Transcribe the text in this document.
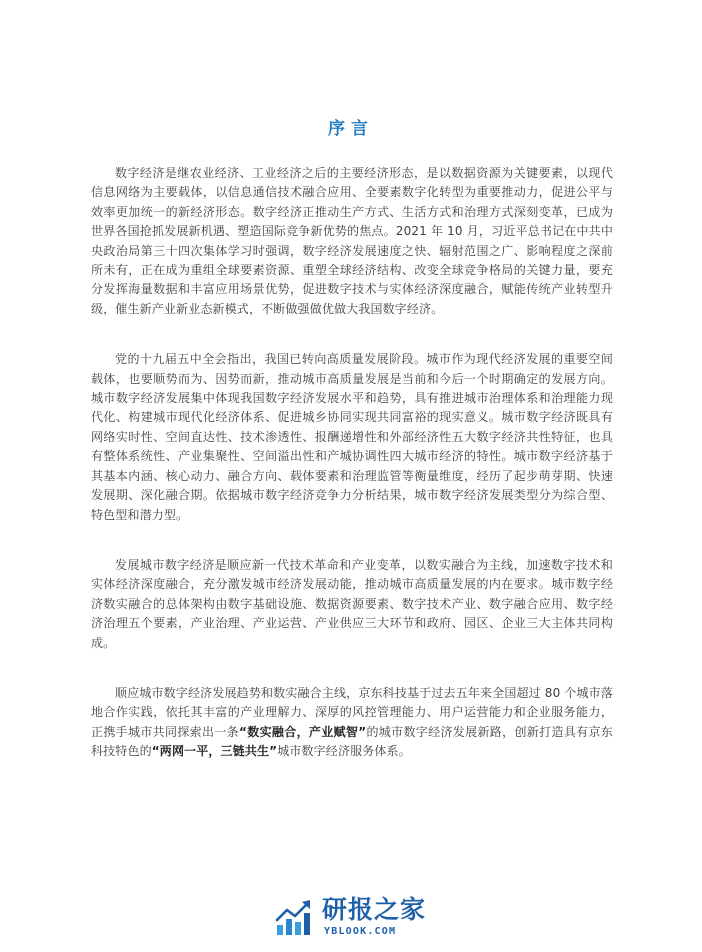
序言

数字经济是继农业经济、工业经济之后的主要经济形态，是以数据资源为关键要素，以现代信息网络为主要载体，以信息通信技术融合应用、全要素数字化转型为重要推动力，促进公平与效率更加统一的新经济形态。数字经济正推动生产方式、生活方式和治理方式深刻变革，已成为世界各国抢抓发展新机遇、塑造国际竞争新优势的焦点。2021 年 10 月，习近平总书记在中共中央政治局第三十四次集体学习时强调，数字经济发展速度之快、辐射范围之广、影响程度之深前所未有，正在成为重组全球要素资源、重塑全球经济结构、改变全球竞争格局的关键力量，要充分发挥海量数据和丰富应用场景优势，促进数字技术与实体经济深度融合，赋能传统产业转型升级，催生新产业新业态新模式，不断做强做优做大我国数字经济。

党的十九届五中全会指出，我国已转向高质量发展阶段。城市作为现代经济发展的重要空间载体，也要顺势而为、因势而新，推动城市高质量发展是当前和今后一个时期确定的发展方向。城市数字经济发展集中体现我国数字经济发展水平和趋势，具有推进城市治理体系和治理能力现代化、构建城市现代化经济体系、促进城乡协同实现共同富裕的现实意义。城市数字经济既具有网络实时性、空间直达性、技术渗透性、报酬递增性和外部经济性五大数字经济共性特征，也具有整体系统性、产业集聚性、空间溢出性和产城协调性四大城市经济的特性。城市数字经济基于其基本内涵、核心动力、融合方向、载体要素和治理监管等衡量维度，经历了起步萌芽期、快速发展期、深化融合期。依据城市数字经济竞争力分析结果，城市数字经济发展类型分为综合型、特色型和潜力型。

发展城市数字经济是顺应新一代技术革命和产业变革，以数实融合为主线，加速数字技术和实体经济深度融合，充分激发城市经济发展动能，推动城市高质量发展的内在要求。城市数字经济数实融合的总体架构由数字基础设施、数据资源要素、数字技术产业、数字融合应用、数字经济治理五个要素，产业治理、产业运营、产业供应三大环节和政府、园区、企业三大主体共同构成。

顺应城市数字经济发展趋势和数实融合主线，京东科技基于过去五年来全国超过 80 个城市落地合作实践，依托其丰富的产业理解力、深厚的风控管理能力、用户运营能力和企业服务能力，正携手城市共同探索出一条“数实融合，产业赋智”的城市数字经济发展新路，创新打造具有京东科技特色的“两网一平，三链共生”城市数字经济服务体系。

研报之家
YBLOOK.COM
